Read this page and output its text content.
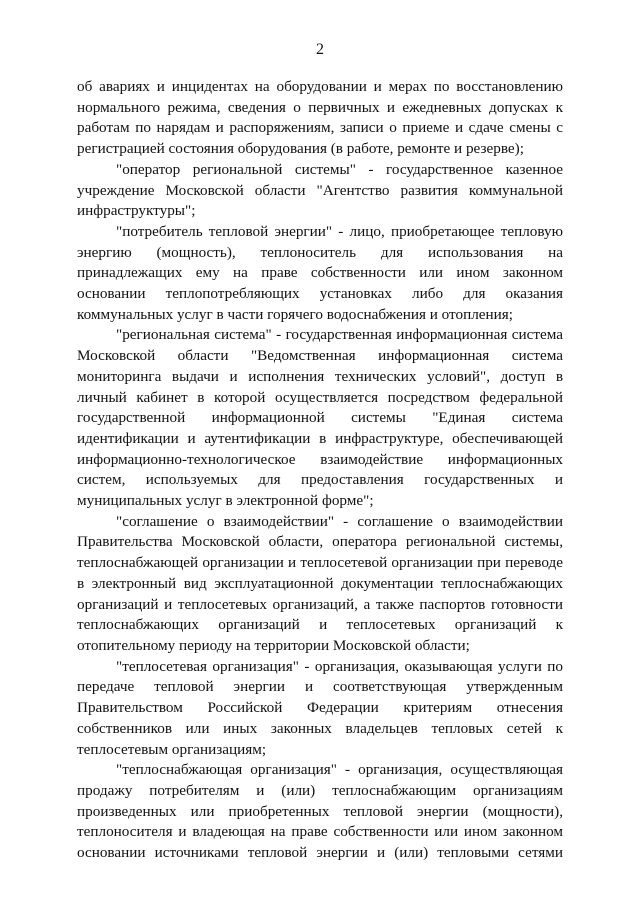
2

об авариях и инцидентах на оборудовании и мерах по восстановлению нормального режима, сведения о первичных и ежедневных допусках к работам по нарядам и распоряжениям, записи о приеме и сдаче смены с регистрацией состояния оборудования (в работе, ремонте и резерве);

"оператор региональной системы" - государственное казенное учреждение Московской области "Агентство развития коммунальной инфраструктуры";

"потребитель тепловой энергии" - лицо, приобретающее тепловую энергию (мощность), теплоноситель для использования на принадлежащих ему на праве собственности или ином законном основании теплопотребляющих установках либо для оказания коммунальных услуг в части горячего водоснабжения и отопления;

"региональная система" - государственная информационная система Московской области "Ведомственная информационная система мониторинга выдачи и исполнения технических условий", доступ в личный кабинет в которой осуществляется посредством федеральной государственной информационной системы "Единая система идентификации и аутентификации в инфраструктуре, обеспечивающей информационно-технологическое взаимодействие информационных систем, используемых для предоставления государственных и муниципальных услуг в электронной форме";

"соглашение о взаимодействии" - соглашение о взаимодействии Правительства Московской области, оператора региональной системы, теплоснабжающей организации и теплосетевой организации при переводе в электронный вид эксплуатационной документации теплоснабжающих организаций и теплосетевых организаций, а также паспортов готовности теплоснабжающих организаций и теплосетевых организаций к отопительному периоду на территории Московской области;

"теплосетевая организация" - организация, оказывающая услуги по передаче тепловой энергии и соответствующая утвержденным Правительством Российской Федерации критериям отнесения собственников или иных законных владельцев тепловых сетей к теплосетевым организациям;

"теплоснабжающая организация" - организация, осуществляющая продажу потребителям и (или) теплоснабжающим организациям произведенных или приобретенных тепловой энергии (мощности), теплоносителя и владеющая на праве собственности или ином законном основании источниками тепловой энергии и (или) тепловыми сетями
